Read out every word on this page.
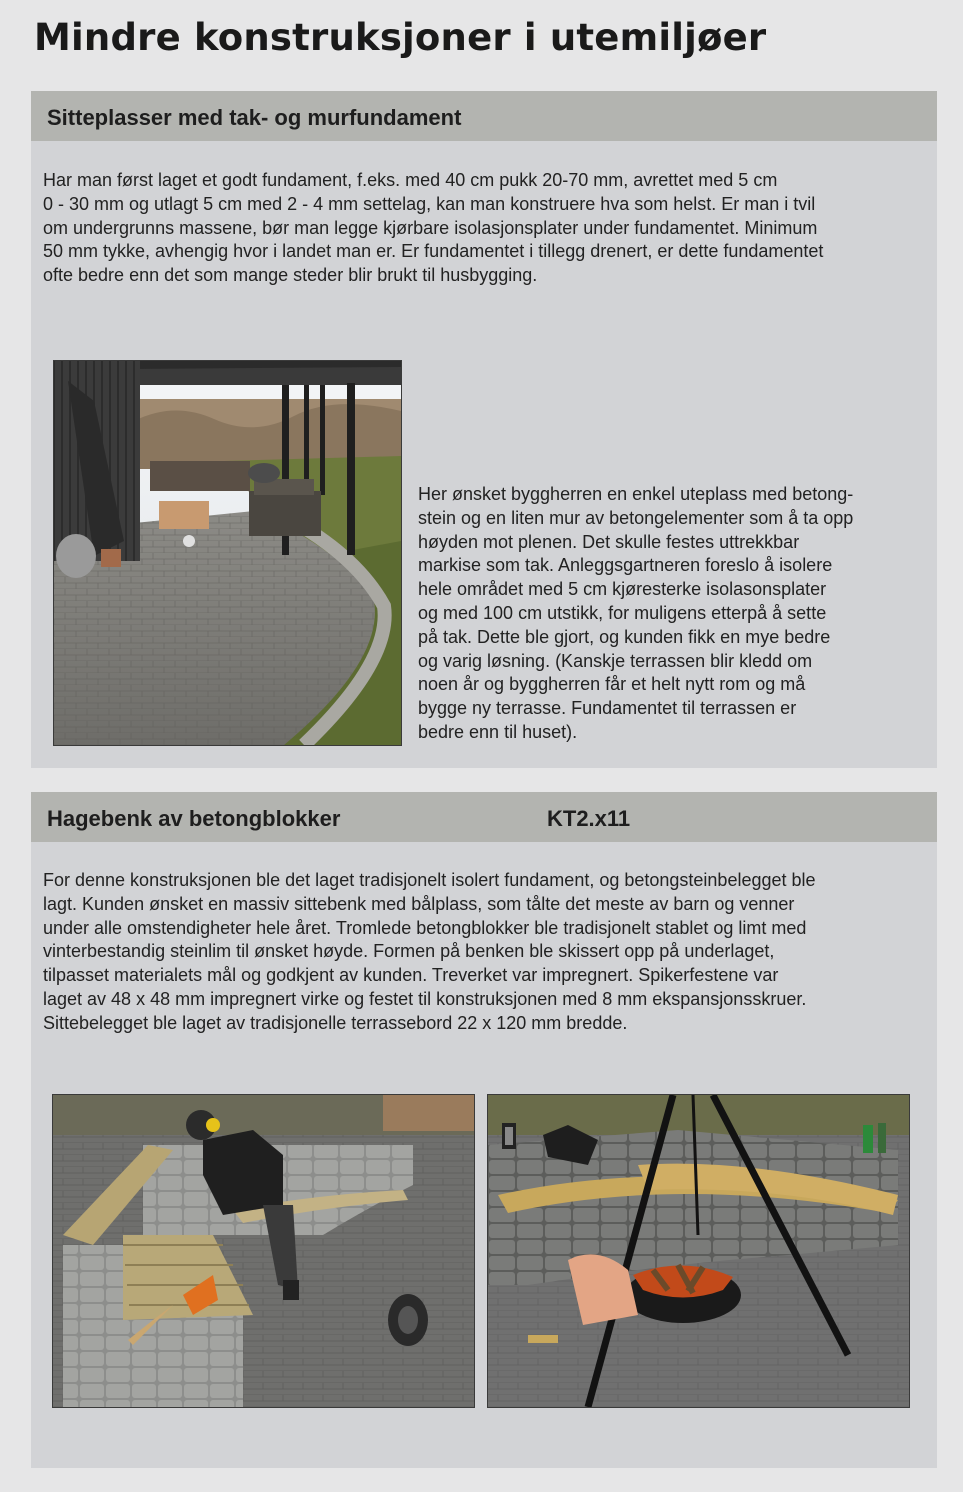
Mindre konstruksjoner i utemiljøer
Sitteplasser med tak- og murfundament
Har man først laget et godt fundament, f.eks. med 40 cm pukk 20-70 mm, avrettet med 5 cm
0 - 30 mm og utlagt 5 cm med 2 - 4 mm settelag, kan man konstruere hva som helst. Er man i tvil
om undergrunns massene, bør man legge kjørbare isolasjonsplater under fundamentet. Minimum
50 mm tykke, avhengig hvor i landet man er. Er fundamentet i tillegg drenert, er dette fundamentet
ofte bedre enn det som mange steder blir brukt til husbygging.
Her ønsket byggherren en enkel uteplass med betong-
stein og en liten mur av betongelementer som å ta opp
høyden mot plenen. Det skulle festes uttrekkbar
markise som tak. Anleggsgartneren foreslo å isolere
hele området med 5 cm kjøresterke isolasonsplater
og med 100 cm utstikk, for muligens etterpå å sette
på tak. Dette ble gjort, og kunden fikk en mye bedre
og varig løsning. (Kanskje terrassen blir kledd om
noen år og byggherren får et helt nytt rom og må
bygge ny terrasse. Fundamentet til terrassen er
bedre enn til huset).
Hagebenk av betongblokker	KT2.x11
For denne konstruksjonen ble det laget tradisjonelt isolert fundament, og betongsteinbelegget ble
lagt. Kunden ønsket en massiv sittebenk med bålplass, som tålte det meste av barn og venner
under alle omstendigheter hele året. Tromlede betongblokker ble tradisjonelt stablet og limt med
vinterbestandig steinlim til ønsket høyde. Formen på benken ble skissert opp på underlaget,
tilpasset materialets mål og godkjent av kunden. Treverket var impregnert. Spikerfestene var
laget av 48 x 48 mm impregnert virke og festet til konstruksjonen med 8 mm ekspansjonsskruer.
Sittebelegget ble laget av tradisjonelle terrassebord 22 x 120 mm bredde.
